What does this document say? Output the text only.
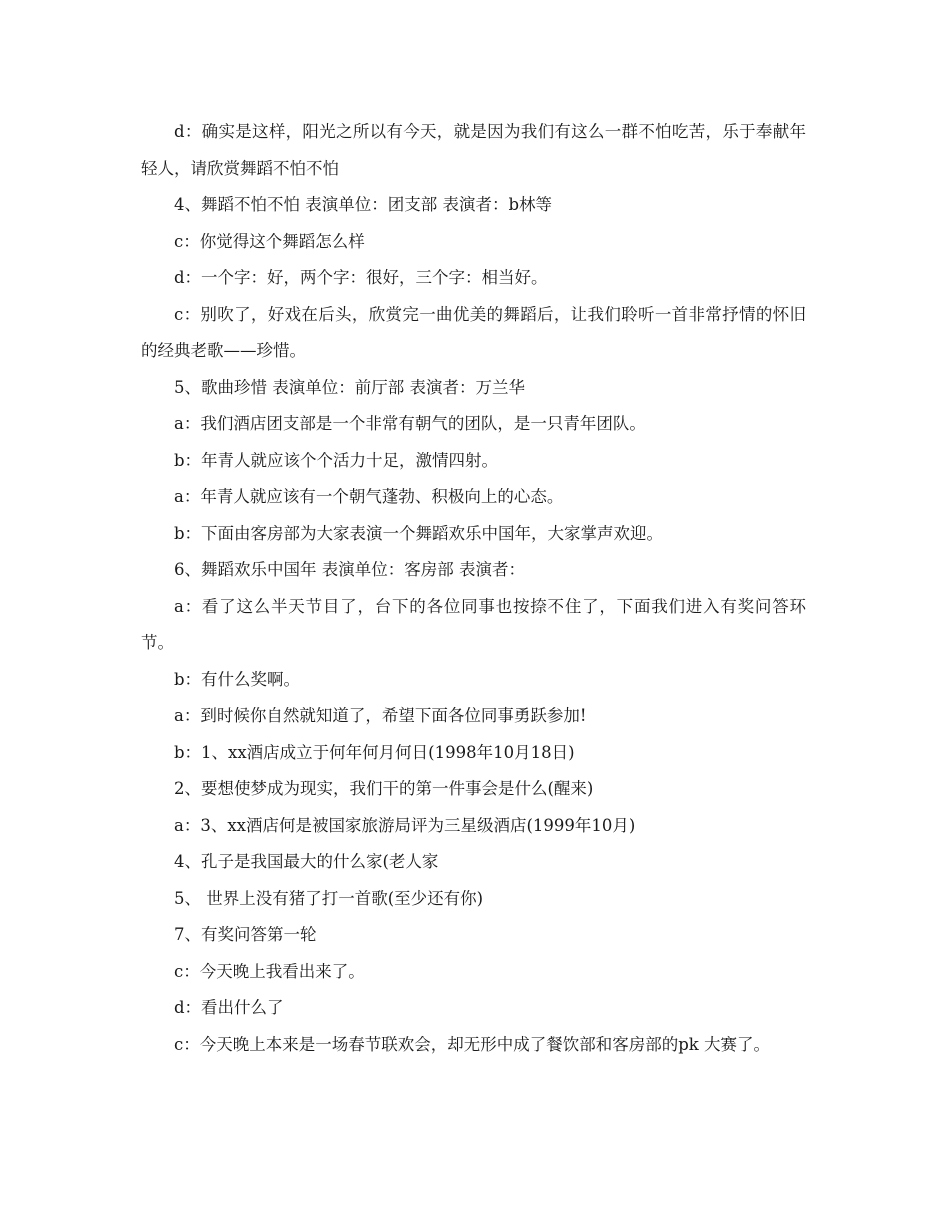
d：确实是这样，阳光之所以有今天，就是因为我们有这么一群不怕吃苦，乐于奉献年轻人，请欣赏舞蹈不怕不怕

4、舞蹈不怕不怕 表演单位：团支部 表演者：b林等

c：你觉得这个舞蹈怎么样

d：一个字：好，两个字：很好，三个字：相当好。

c：别吹了，好戏在后头，欣赏完一曲优美的舞蹈后，让我们聆听一首非常抒情的怀旧的经典老歌——珍惜。

5、歌曲珍惜 表演单位：前厅部 表演者：万兰华

a：我们酒店团支部是一个非常有朝气的团队，是一只青年团队。

b：年青人就应该个个活力十足，激情四射。

a：年青人就应该有一个朝气蓬勃、积极向上的心态。

b：下面由客房部为大家表演一个舞蹈欢乐中国年，大家掌声欢迎。

6、舞蹈欢乐中国年 表演单位：客房部 表演者：

a：看了这么半天节目了，台下的各位同事也按捺不住了，下面我们进入有奖问答环节。

b：有什么奖啊。

a：到时候你自然就知道了，希望下面各位同事勇跃参加!

b：1、xx酒店成立于何年何月何日(1998年10月18日)

2、要想使梦成为现实，我们干的第一件事会是什么(醒来)

a：3、xx酒店何是被国家旅游局评为三星级酒店(1999年10月)

4、孔子是我国最大的什么家(老人家

5、 世界上没有猪了打一首歌(至少还有你)

7、有奖问答第一轮

c：今天晚上我看出来了。

d：看出什么了

c：今天晚上本来是一场春节联欢会，却无形中成了餐饮部和客房部的pk 大赛了。
